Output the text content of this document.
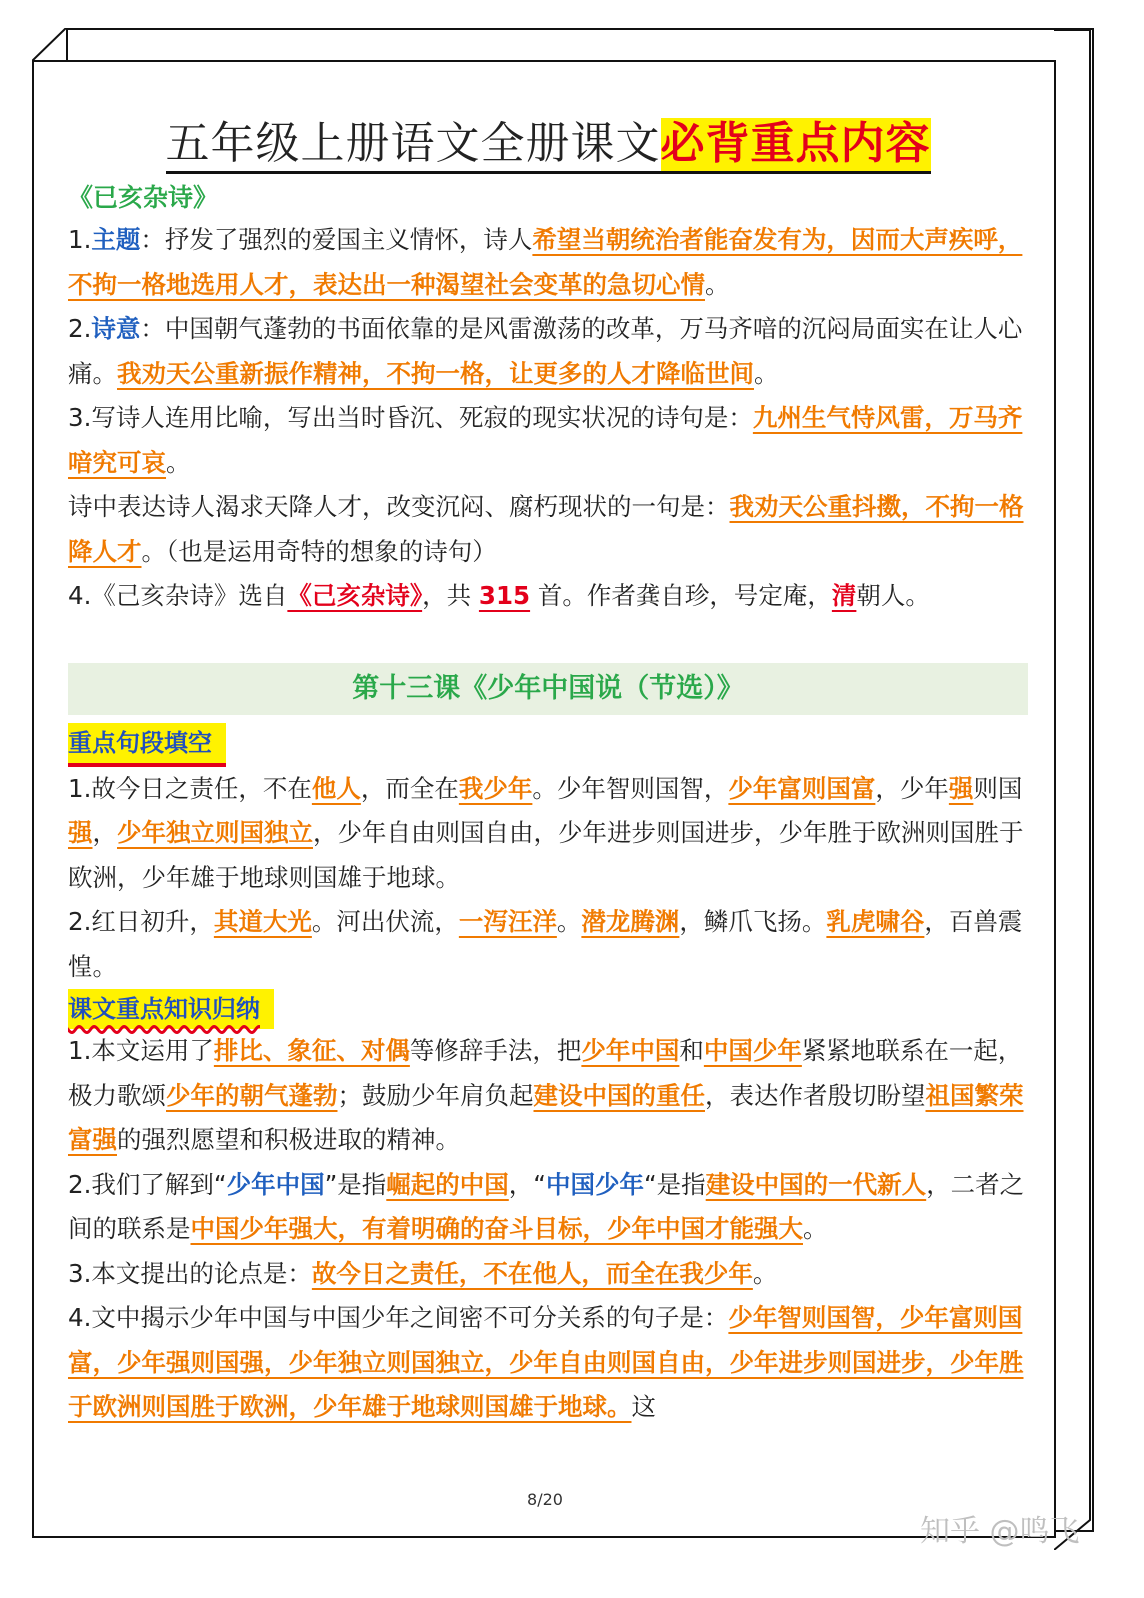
五年级上册语文全册课文必背重点内容
《已亥杂诗》

1.主题：抒发了强烈的爱国主义情怀，诗人希望当朝统治者能奋发有为，因而大声疾呼，不拘一格地选用人才，表达出一种渴望社会变革的急切心情。

2.诗意：中国朝气蓬勃的书面依靠的是风雷激荡的改革，万马齐喑的沉闷局面实在让人心痛。我劝天公重新振作精神，不拘一格，让更多的人才降临世间。

3.写诗人连用比喻，写出当时昏沉、死寂的现实状况的诗句是：九州生气恃风雷，万马齐喑究可哀。

诗中表达诗人渴求天降人才，改变沉闷、腐朽现状的一句是：我劝天公重抖擞，不拘一格降人才。（也是运用奇特的想象的诗句）

4.《己亥杂诗》选自《己亥杂诗》，共 315 首。作者龚自珍，号定庵，清朝人。

第十三课《少年中国说（节选）》
重点句段填空

1.故今日之责任，不在他人，而全在我少年。少年智则国智，少年富则国富，少年强则国强，少年独立则国独立，少年自由则国自由，少年进步则国进步，少年胜于欧洲则国胜于欧洲，少年雄于地球则国雄于地球。

2.红日初升，其道大光。河出伏流，一泻汪洋。潜龙腾渊，鳞爪飞扬。乳虎啸谷，百兽震惶。

课文重点知识归纳

1.本文运用了排比、象征、对偶等修辞手法，把少年中国和中国少年紧紧地联系在一起，极力歌颂少年的朝气蓬勃；鼓励少年肩负起建设中国的重任，表达作者殷切盼望祖国繁荣富强的强烈愿望和积极进取的精神。

2.我们了解到“少年中国”是指崛起的中国，“中国少年“是指建设中国的一代新人，二者之间的联系是中国少年强大，有着明确的奋斗目标，少年中国才能强大。

3.本文提出的论点是：故今日之责任，不在他人，而全在我少年。

4.文中揭示少年中国与中国少年之间密不可分关系的句子是：少年智则国智，少年富则国富，少年强则国强，少年独立则国独立，少年自由则国自由，少年进步则国进步，少年胜于欧洲则国胜于欧洲，少年雄于地球则国雄于地球。这

8/20
知乎 @鸣飞
